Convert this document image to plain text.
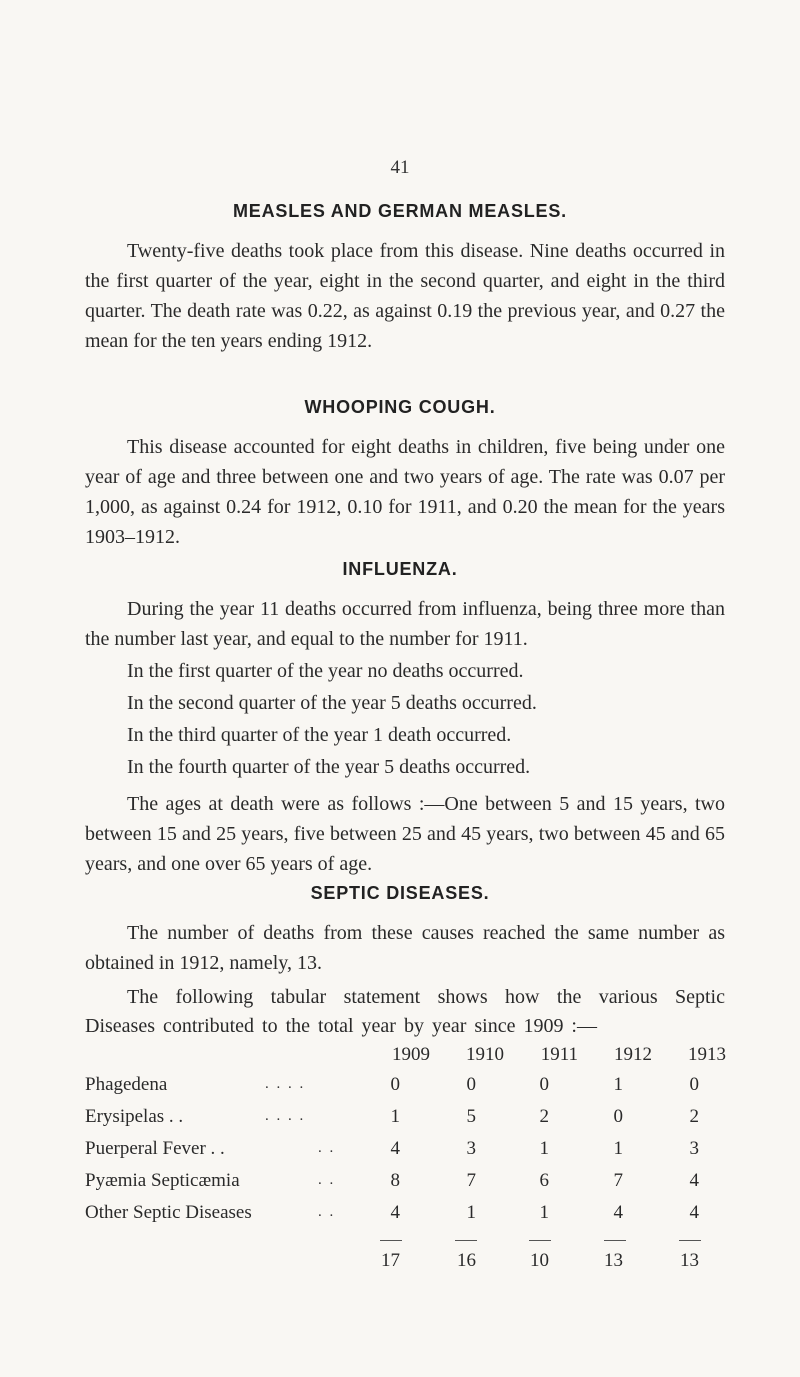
41
MEASLES AND GERMAN MEASLES.

Twenty-five deaths took place from this disease. Nine deaths occurred in the first quarter of the year, eight in the second quarter, and eight in the third quarter. The death rate was 0.22, as against 0.19 the previous year, and 0.27 the mean for the ten years ending 1912.

WHOOPING COUGH.

This disease accounted for eight deaths in children, five being under one year of age and three between one and two years of age. The rate was 0.07 per 1,000, as against 0.24 for 1912, 0.10 for 1911, and 0.20 the mean for the years 1903–1912.

INFLUENZA.

During the year 11 deaths occurred from influenza, being three more than the number last year, and equal to the number for 1911.

In the first quarter of the year no deaths occurred.
In the second quarter of the year 5 deaths occurred.
In the third quarter of the year 1 death occurred.
In the fourth quarter of the year 5 deaths occurred.

The ages at death were as follows :—One between 5 and 15 years, two between 15 and 25 years, five between 25 and 45 years, two between 45 and 65 years, and one over 65 years of age.

SEPTIC DISEASES.

The number of deaths from these causes reached the same number as obtained in 1912, namely, 13.

The following tabular statement shows how the various Septic
Diseases contributed to the total year by year since 1909 :—
1909	1910	1911	1912	1913
Phagedena	. . . .	0	0	0	1	0
Erysipelas . .	. . . .	1	5	2	0	2
Puerperal Fever . .	. .	4	3	1	1	3
Pyæmia Septicæmia	. .	8	7	6	7	4
Other Septic Diseases	. .	4	1	1	4	4
17	16	10	13	13
